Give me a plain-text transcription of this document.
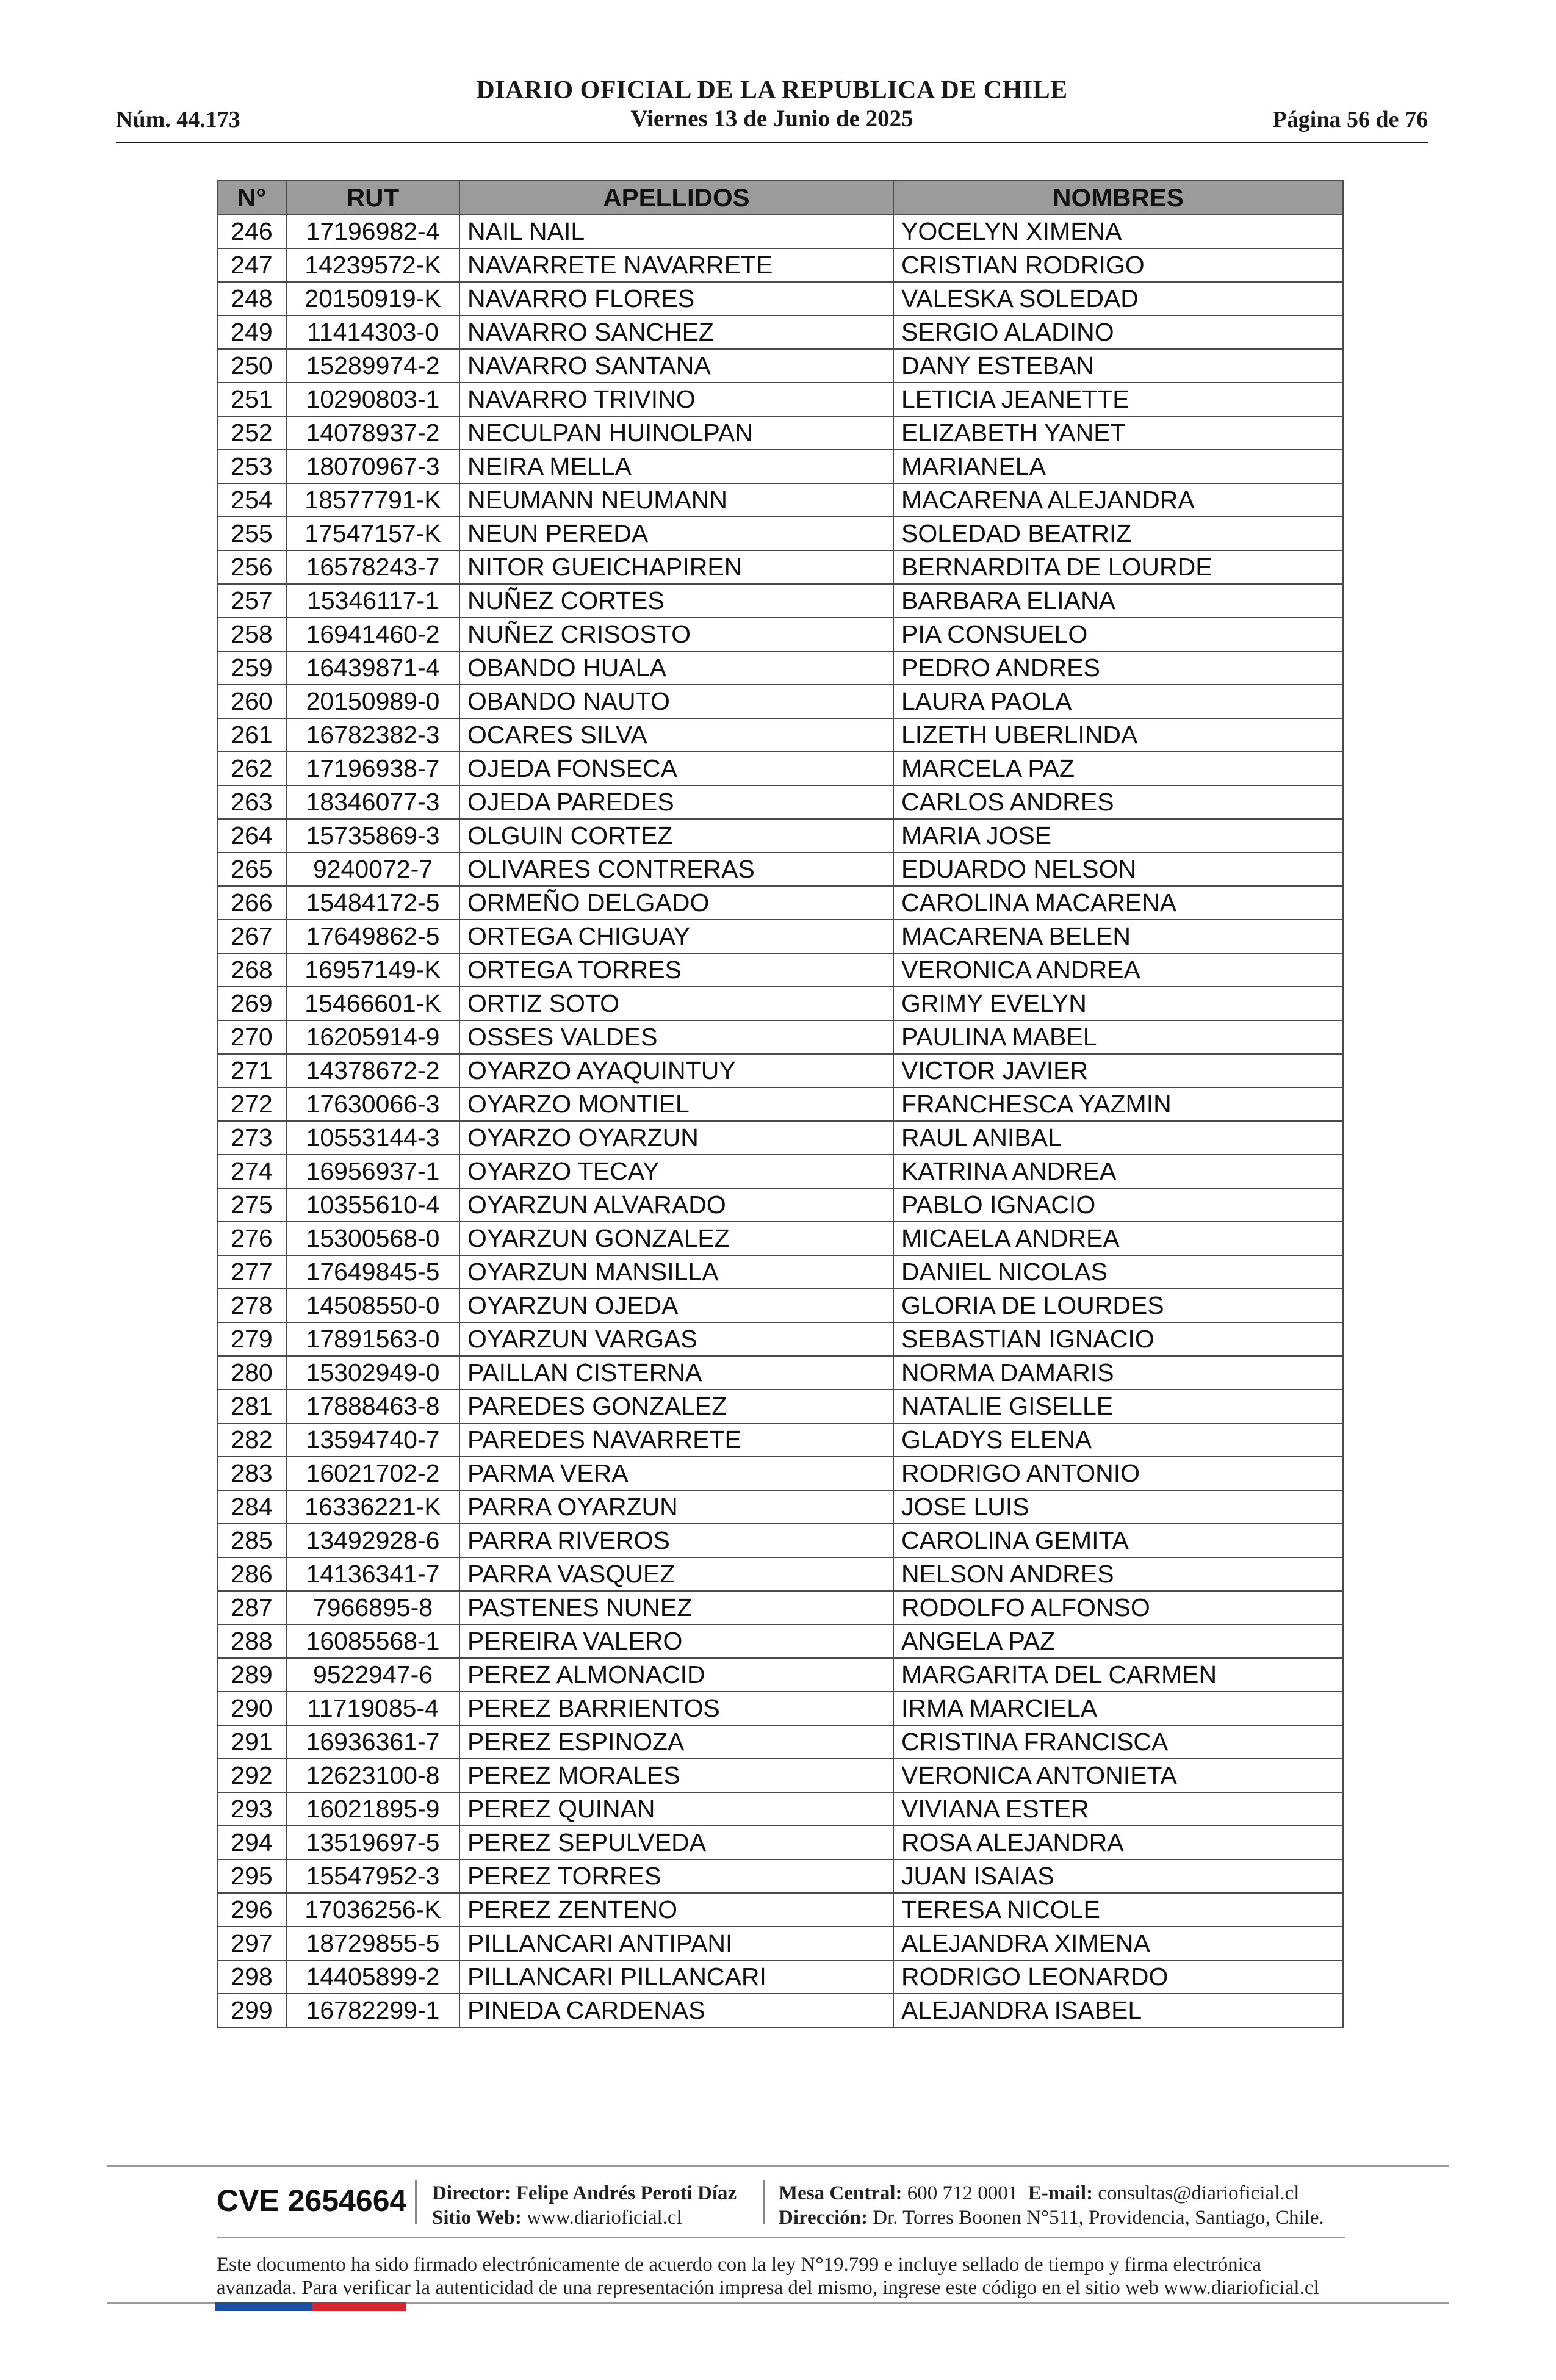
DIARIO OFICIAL DE LA REPUBLICA DE CHILE
Viernes 13 de Junio de 2025
Núm. 44.173	Página 56 de 76
N°	RUT	APELLIDOS	NOMBRES
246	17196982-4	NAIL NAIL	YOCELYN XIMENA
247	14239572-K	NAVARRETE NAVARRETE	CRISTIAN RODRIGO
248	20150919-K	NAVARRO FLORES	VALESKA SOLEDAD
249	11414303-0	NAVARRO SANCHEZ	SERGIO ALADINO
250	15289974-2	NAVARRO SANTANA	DANY ESTEBAN
251	10290803-1	NAVARRO TRIVINO	LETICIA JEANETTE
252	14078937-2	NECULPAN HUINOLPAN	ELIZABETH YANET
253	18070967-3	NEIRA MELLA	MARIANELA
254	18577791-K	NEUMANN NEUMANN	MACARENA ALEJANDRA
255	17547157-K	NEUN PEREDA	SOLEDAD BEATRIZ
256	16578243-7	NITOR GUEICHAPIREN	BERNARDITA DE LOURDE
257	15346117-1	NUÑEZ CORTES	BARBARA ELIANA
258	16941460-2	NUÑEZ CRISOSTO	PIA CONSUELO
259	16439871-4	OBANDO HUALA	PEDRO ANDRES
260	20150989-0	OBANDO NAUTO	LAURA PAOLA
261	16782382-3	OCARES SILVA	LIZETH UBERLINDA
262	17196938-7	OJEDA FONSECA	MARCELA PAZ
263	18346077-3	OJEDA PAREDES	CARLOS ANDRES
264	15735869-3	OLGUIN CORTEZ	MARIA JOSE
265	9240072-7	OLIVARES CONTRERAS	EDUARDO NELSON
266	15484172-5	ORMEÑO DELGADO	CAROLINA MACARENA
267	17649862-5	ORTEGA CHIGUAY	MACARENA BELEN
268	16957149-K	ORTEGA TORRES	VERONICA ANDREA
269	15466601-K	ORTIZ SOTO	GRIMY EVELYN
270	16205914-9	OSSES VALDES	PAULINA MABEL
271	14378672-2	OYARZO AYAQUINTUY	VICTOR JAVIER
272	17630066-3	OYARZO MONTIEL	FRANCHESCA YAZMIN
273	10553144-3	OYARZO OYARZUN	RAUL ANIBAL
274	16956937-1	OYARZO TECAY	KATRINA ANDREA
275	10355610-4	OYARZUN ALVARADO	PABLO IGNACIO
276	15300568-0	OYARZUN GONZALEZ	MICAELA ANDREA
277	17649845-5	OYARZUN MANSILLA	DANIEL NICOLAS
278	14508550-0	OYARZUN OJEDA	GLORIA DE LOURDES
279	17891563-0	OYARZUN VARGAS	SEBASTIAN IGNACIO
280	15302949-0	PAILLAN CISTERNA	NORMA DAMARIS
281	17888463-8	PAREDES GONZALEZ	NATALIE GISELLE
282	13594740-7	PAREDES NAVARRETE	GLADYS ELENA
283	16021702-2	PARMA VERA	RODRIGO ANTONIO
284	16336221-K	PARRA OYARZUN	JOSE LUIS
285	13492928-6	PARRA RIVEROS	CAROLINA GEMITA
286	14136341-7	PARRA VASQUEZ	NELSON ANDRES
287	7966895-8	PASTENES NUNEZ	RODOLFO ALFONSO
288	16085568-1	PEREIRA VALERO	ANGELA PAZ
289	9522947-6	PEREZ ALMONACID	MARGARITA DEL CARMEN
290	11719085-4	PEREZ BARRIENTOS	IRMA MARCIELA
291	16936361-7	PEREZ ESPINOZA	CRISTINA FRANCISCA
292	12623100-8	PEREZ MORALES	VERONICA ANTONIETA
293	16021895-9	PEREZ QUINAN	VIVIANA ESTER
294	13519697-5	PEREZ SEPULVEDA	ROSA ALEJANDRA
295	15547952-3	PEREZ TORRES	JUAN ISAIAS
296	17036256-K	PEREZ ZENTENO	TERESA NICOLE
297	18729855-5	PILLANCARI ANTIPANI	ALEJANDRA XIMENA
298	14405899-2	PILLANCARI PILLANCARI	RODRIGO LEONARDO
299	16782299-1	PINEDA CARDENAS	ALEJANDRA ISABEL
CVE 2654664 Director: Felipe Andrés Peroti Díaz
Sitio Web: www.diarioficial.cl
Mesa Central: 600 712 0001 E-mail: consultas@diarioficial.cl
Dirección: Dr. Torres Boonen N°511, Providencia, Santiago, Chile.
Este documento ha sido firmado electrónicamente de acuerdo con la ley N°19.799 e incluye sellado de tiempo y firma electrónica
avanzada. Para verificar la autenticidad de una representación impresa del mismo, ingrese este código en el sitio web www.diarioficial.cl
